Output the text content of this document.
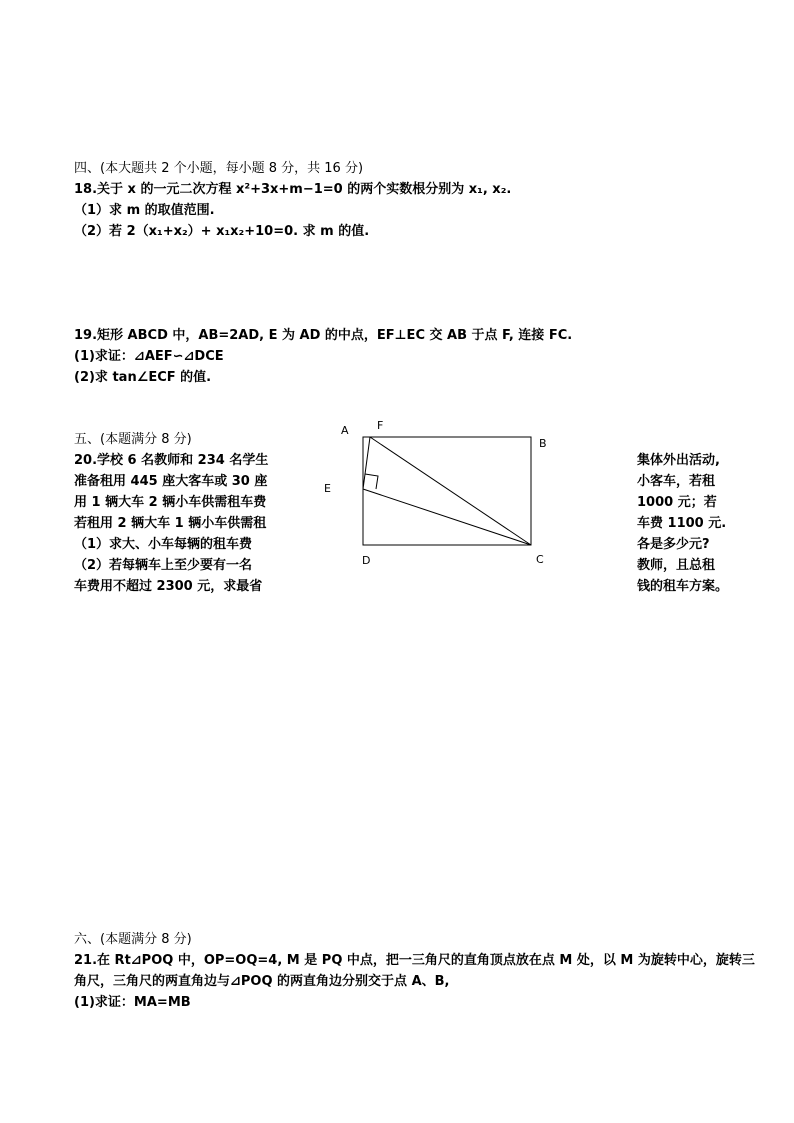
四、(本大题共 2 个小题，每小题 8 分，共 16 分)
18.关于 x 的一元二次方程 x²+3x+m−1=0 的两个实数根分别为 x₁, x₂.
（1）求 m 的取值范围.
（2）若 2（x₁+x₂）+ x₁x₂+10=0. 求 m 的值.
19.矩形 ABCD 中，AB=2AD, E 为 AD 的中点，EF⊥EC 交 AB 于点 F, 连接 FC.
(1)求证：⊿AEF∽⊿DCE
(2)求 tan∠ECF 的值.
五、(本题满分 8 分)
20.学校 6 名教师和 234 名学生
准备租用 445 座大客车或 30 座
用 1 辆大车 2 辆小车供需租车费
若租用 2 辆大车 1 辆小车供需租
（1）求大、小车每辆的租车费
（2）若每辆车上至少要有一名
车费用不超过 2300 元，求最省
集体外出活动,
小客车，若租
1000 元；若
车费 1100 元.
各是多少元?
教师，且总租
钱的租车方案。
A	F
B
E
D	C
六、(本题满分 8 分)
21.在 Rt⊿POQ 中，OP=OQ=4, M 是 PQ 中点，把一三角尺的直角顶点放在点 M 处，以 M 为旋转中心，旋转三
角尺，三角尺的两直角边与⊿POQ 的两直角边分别交于点 A、B,
(1)求证：MA=MB
